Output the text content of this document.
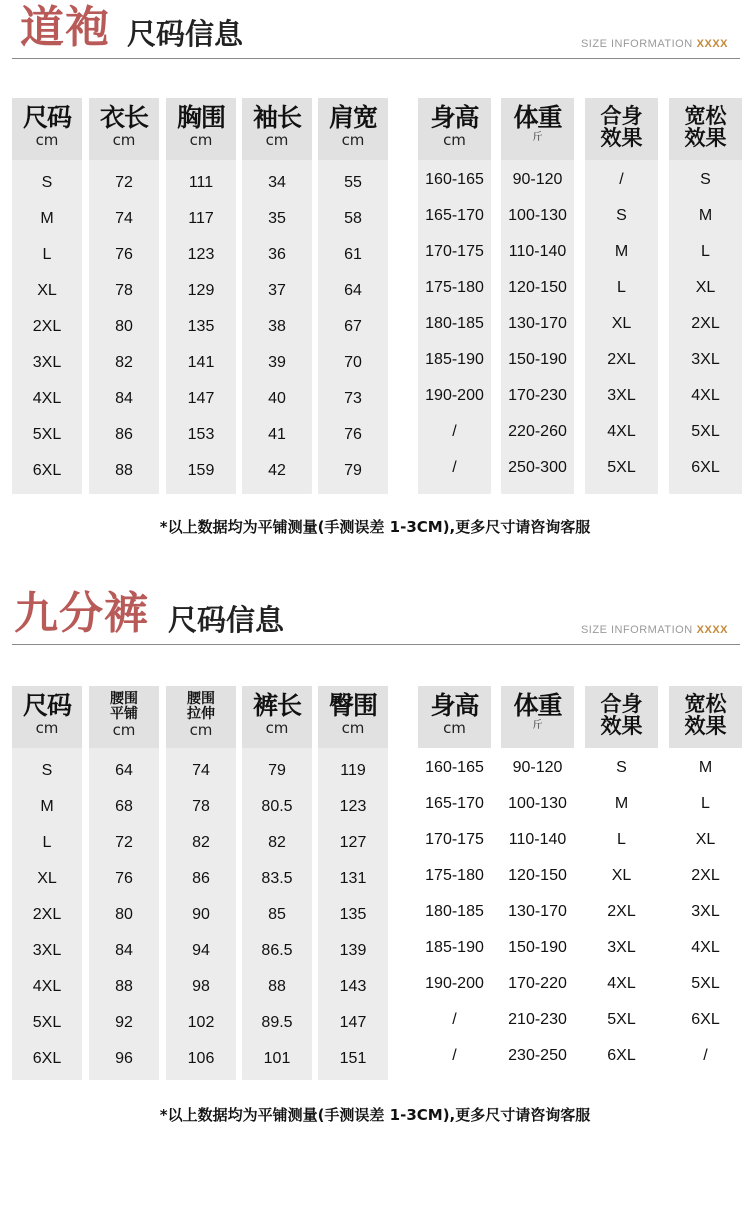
道袍 尺码信息	SIZE INFORMATION XXXX
尺码
cm
S
M
L
XL
2XL
3XL
4XL
5XL
6XL
衣长
cm
72
74
76
78
80
82
84
86
88
胸围
cm
111
117
123
129
135
141
147
153
159
袖长
cm
34
35
36
37
38
39
40
41
42
肩宽
cm
55
58
61
64
67
70
73
76
79
身高
cm
160-165
165-170
170-175
175-180
180-185
185-190
190-200
/
/
体重
斤
90-120
100-130
110-140
120-150
130-170
150-190
170-230
220-260
250-300
合身
效果
/
S
M
L
XL
2XL
3XL
4XL
5XL
宽松
效果
S
M
L
XL
2XL
3XL
4XL
5XL
6XL
*以上数据均为平铺测量(手测误差 1-3CM),更多尺寸请咨询客服
九分裤 尺码信息	SIZE INFORMATION XXXX
尺码
cm
S
M
L
XL
2XL
3XL
4XL
5XL
6XL
腰围
平铺
cm
64
68
72
76
80
84
88
92
96
腰围
拉伸
cm
74
78
82
86
90
94
98
102
106
裤长
cm
79
80.5
82
83.5
85
86.5
88
89.5
101
臀围
cm
119
123
127
131
135
139
143
147
151
身高
cm
160-165
165-170
170-175
175-180
180-185
185-190
190-200
/
/
体重
斤
90-120
100-130
110-140
120-150
130-170
150-190
170-220
210-230
230-250
合身
效果
S
M
L
XL
2XL
3XL
4XL
5XL
6XL
宽松
效果
M
L
XL
2XL
3XL
4XL
5XL
6XL
/
*以上数据均为平铺测量(手测误差 1-3CM),更多尺寸请咨询客服
